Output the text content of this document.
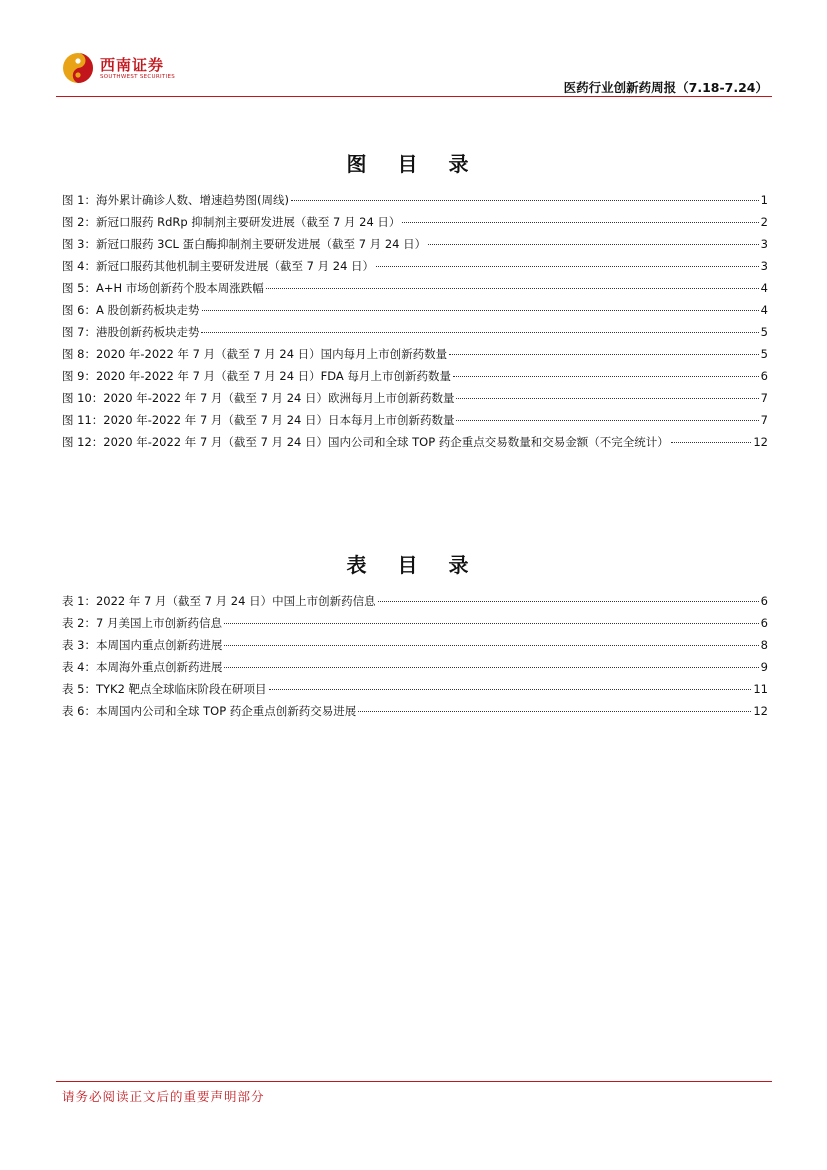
西南证券
SOUTHWEST SECURITIES
医药行业创新药周报（7.18-7.24）
图 目 录
图 1：海外累计确诊人数、增速趋势图(周线)	1
图 2：新冠口服药 RdRp 抑制剂主要研发进展（截至 7 月 24 日）	2
图 3：新冠口服药 3CL 蛋白酶抑制剂主要研发进展（截至 7 月 24 日）	3
图 4：新冠口服药其他机制主要研发进展（截至 7 月 24 日）	3
图 5：A+H 市场创新药个股本周涨跌幅	4
图 6：A 股创新药板块走势	4
图 7：港股创新药板块走势	5
图 8：2020 年-2022 年 7 月（截至 7 月 24 日）国内每月上市创新药数量	5
图 9：2020 年-2022 年 7 月（截至 7 月 24 日）FDA 每月上市创新药数量	6
图 10：2020 年-2022 年 7 月（截至 7 月 24 日）欧洲每月上市创新药数量	7
图 11：2020 年-2022 年 7 月（截至 7 月 24 日）日本每月上市创新药数量	7
图 12：2020 年-2022 年 7 月（截至 7 月 24 日）国内公司和全球 TOP 药企重点交易数量和交易金额（不完全统计）	12
表 目 录
表 1：2022 年 7 月（截至 7 月 24 日）中国上市创新药信息	6
表 2：7 月美国上市创新药信息	6
表 3：本周国内重点创新药进展	8
表 4：本周海外重点创新药进展	9
表 5：TYK2 靶点全球临床阶段在研项目	11
表 6：本周国内公司和全球 TOP 药企重点创新药交易进展	12
请务必阅读正文后的重要声明部分
